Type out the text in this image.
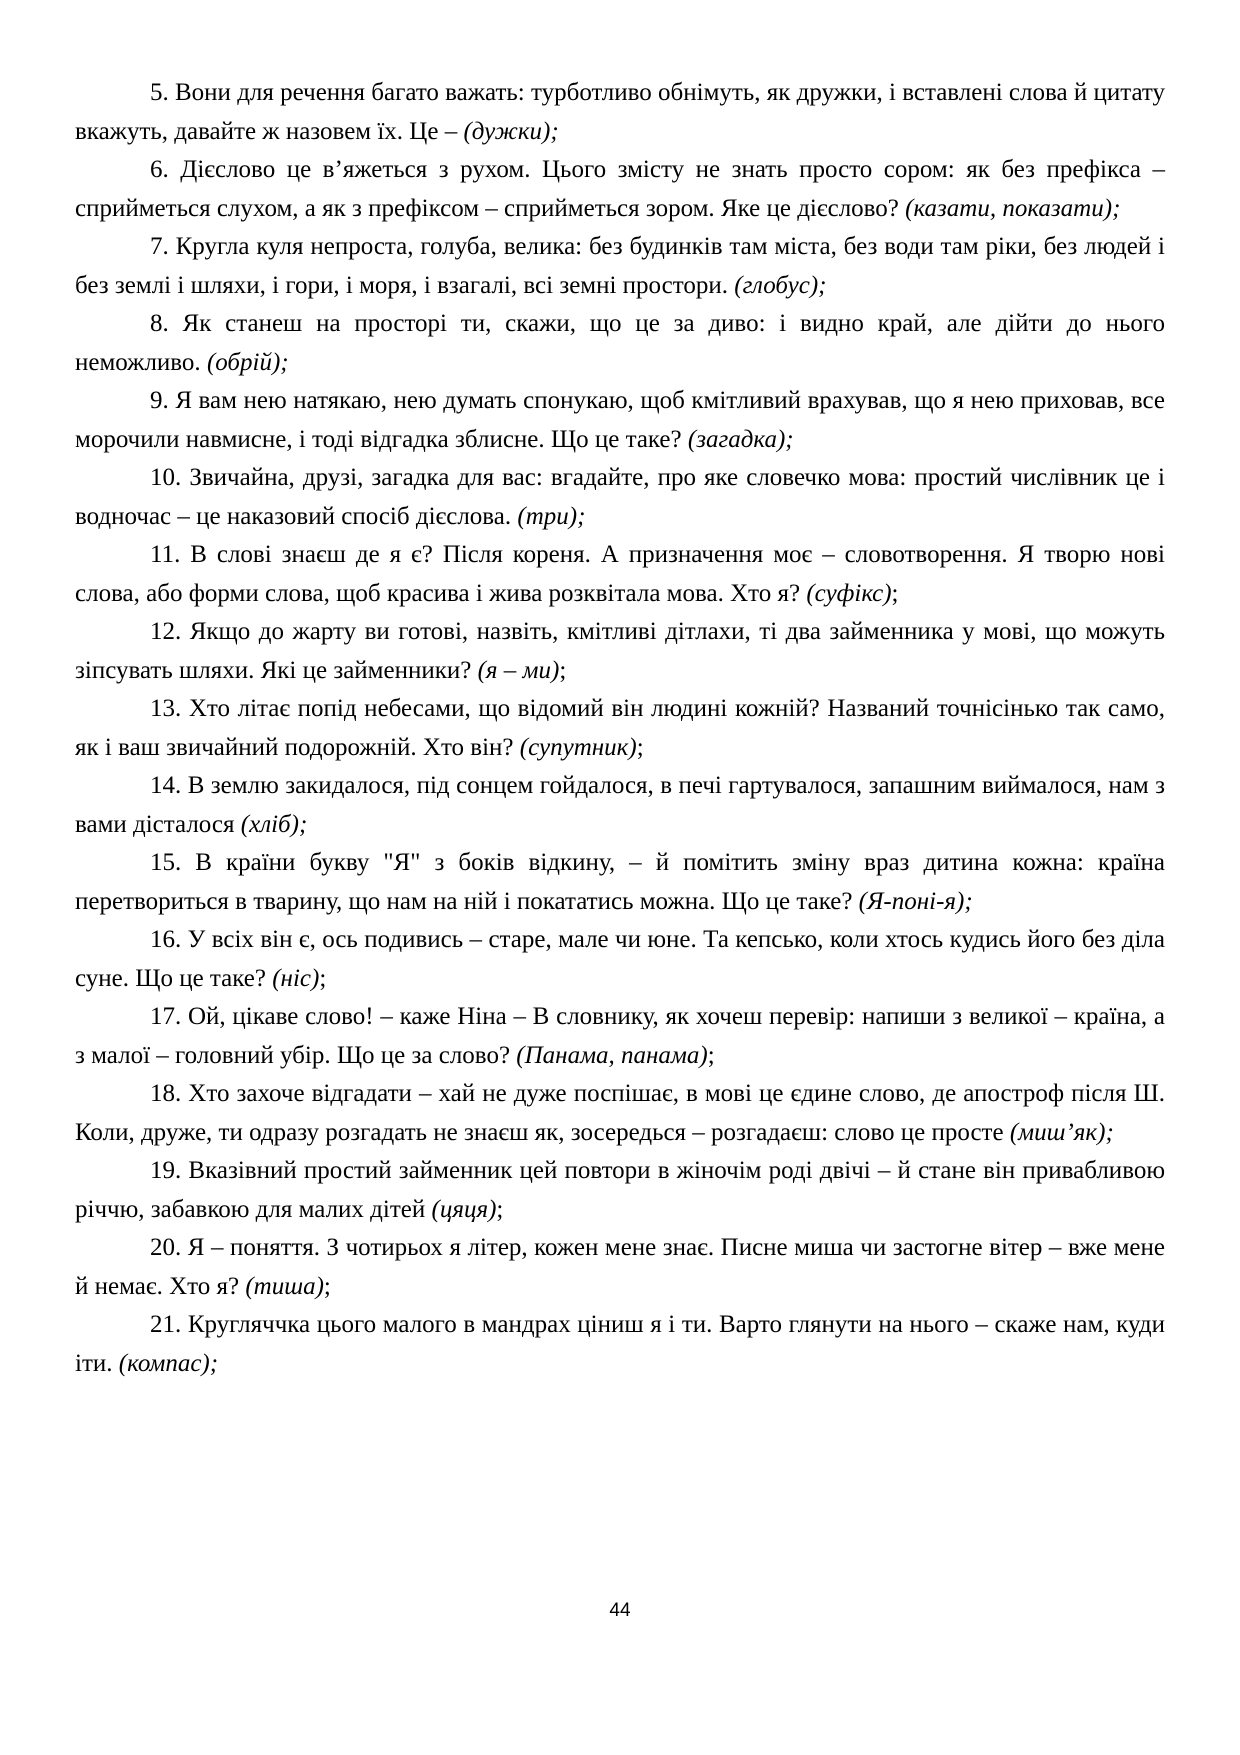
5. Вони для речення багато важать: турботливо обнімуть, як дружки, і вставлені слова й цитату вкажуть, давайте ж назовем їх. Це – (дужки);

6. Дієслово це в’яжеться з рухом. Цього змісту не знать просто сором: як без префікса – сприйметься слухом, а як з префіксом – сприйметься зором. Яке це дієслово? (казати, показати);

7. Кругла куля непроста, голуба, велика: без будинків там міста, без води там ріки, без людей і без землі і шляхи, і гори, і моря, і взагалі, всі земні простори. (глобус);

8. Як станеш на просторі ти, скажи, що це за диво: і видно край, але дійти до нього неможливо. (обрій);

9. Я вам нею натякаю, нею думать спонукаю, щоб кмітливий врахував, що я нею приховав, все морочили навмисне, і тоді відгадка зблисне. Що це таке? (загадка);

10. Звичайна, друзі, загадка для вас: вгадайте, про яке словечко мова: простий числівник це і водночас – це наказовий спосіб дієслова. (три);

11. В слові знаєш де я є? Після кореня. А призначення моє – словотворення. Я творю нові слова, або форми слова, щоб красива і жива розквітала мова. Хто я? (суфікс);

12. Якщо до жарту ви готові, назвіть, кмітливі дітлахи, ті два займенника у мові, що можуть зіпсувать шляхи. Які це займенники? (я – ми);

13. Хто літає попід небесами, що відомий він людині кожній? Названий точнісінько так само, як і ваш звичайний подорожній. Хто він? (супутник);

14. В землю закидалося, під сонцем гойдалося, в печі гартувалося, запашним виймалося, нам з вами дісталося (хліб);

15. В країни букву "Я" з боків відкину, – й помітить зміну враз дитина кожна: країна перетвориться в тварину, що нам на ній і покататись можна. Що це таке? (Я-поні-я);

16. У всіх він є, ось подивись – старе, мале чи юне. Та кепсько, коли хтось кудись його без діла суне. Що це таке? (ніс);

17. Ой, цікаве слово! – каже Ніна – В словнику, як хочеш перевір: напиши з великої – країна, а з малої – головний убір. Що це за слово? (Панама, панама);

18. Хто захоче відгадати – хай не дуже поспішає, в мові це єдине слово, де апостроф після Ш. Коли, друже, ти одразу розгадать не знаєш як, зосередься – розгадаєш: слово це просте (миш’як);

19. Вказівний простий займенник цей повтори в жіночім роді двічі – й стане він привабливою річчю, забавкою для малих дітей (цяця);

20. Я – поняття. З чотирьох я літер, кожен мене знає. Писне миша чи застогне вітер – вже мене й немає. Хто я? (тиша);

21. Кругляччка цього малого в мандрах ціниш я і ти. Варто глянути на нього – скаже нам, куди іти. (компас);

44
